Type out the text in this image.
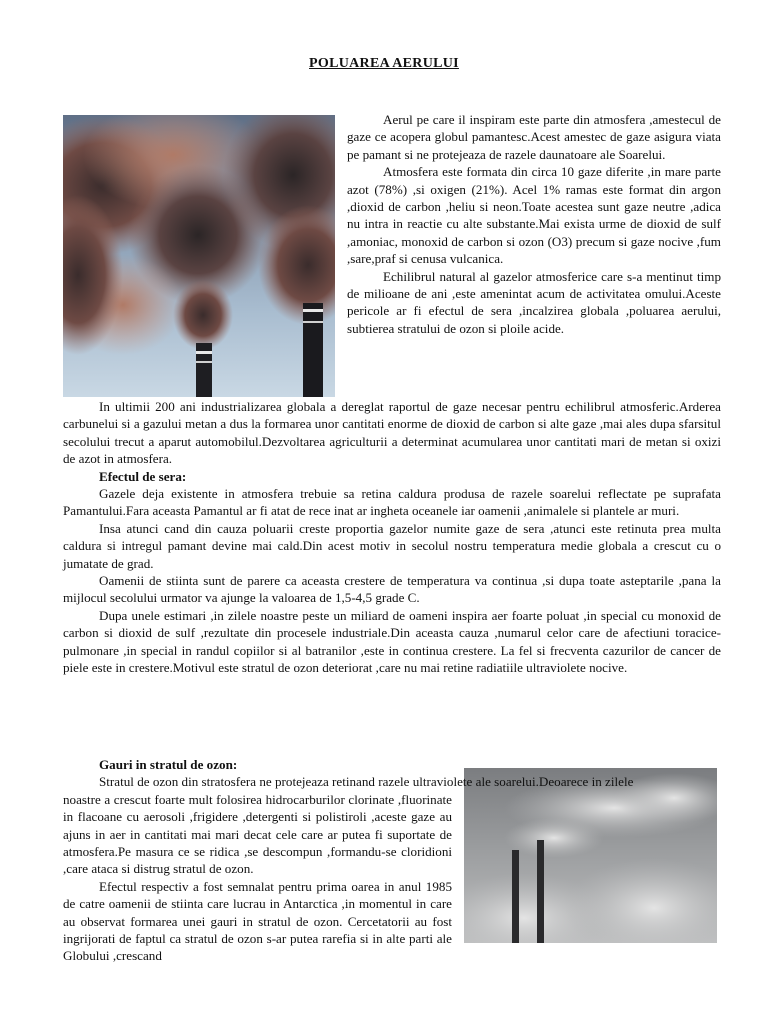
POLUAREA AERULUI

Aerul pe care il inspiram este parte din atmosfera ,amestecul de gaze ce acopera globul pamantesc.Acest amestec de gaze asigura viata pe pamant si ne protejeaza de razele daunatoare ale Soarelui.

Atmosfera este formata din circa 10 gaze diferite ,in mare parte azot (78%) ,si oxigen (21%). Acel 1% ramas este format din argon ,dioxid de carbon ,heliu si neon.Toate acestea sunt gaze neutre ,adica nu intra in reactie cu alte substante.Mai exista urme de dioxid de sulf ,amoniac, monoxid de carbon si ozon (O3) precum si gaze nocive ,fum ,sare,praf si cenusa vulcanica.

Echilibrul natural al gazelor atmosferice care s-a mentinut timp de milioane de ani ,este amenintat acum de activitatea omului.Aceste pericole ar fi efectul de sera ,incalzirea globala ,poluarea aerului, subtierea stratului de ozon si ploile acide.

In ultimii 200 ani industrializarea globala a dereglat raportul de gaze necesar pentru echilibrul atmosferic.Arderea carbunelui si a gazului metan a dus la formarea unor cantitati enorme de dioxid de carbon si alte gaze ,mai ales dupa sfarsitul secolului trecut a aparut automobilul.Dezvoltarea agriculturii a determinat acumularea unor cantitati mari de metan si oxizi de azot in atmosfera.

Efectul de sera:

Gazele deja existente in atmosfera trebuie sa retina caldura produsa de razele soarelui reflectate pe suprafata Pamantului.Fara aceasta Pamantul ar fi atat de rece inat ar ingheta oceanele iar oamenii ,animalele si plantele ar muri.

Insa atunci cand din cauza poluarii creste proportia gazelor numite gaze de sera ,atunci este retinuta prea multa caldura si intregul pamant devine mai cald.Din acest motiv in secolul nostru temperatura medie globala a crescut cu o jumatate de grad.

Oamenii de stiinta sunt de parere ca aceasta crestere de temperatura va continua ,si dupa toate asteptarile ,pana la mijlocul secolului urmator va ajunge la valoarea de 1,5-4,5 grade C.

Dupa unele estimari ,in zilele noastre peste un miliard de oameni inspira aer foarte poluat ,in special cu monoxid de carbon si dioxid de sulf ,rezultate din procesele industriale.Din aceasta cauza ,numarul celor care de afectiuni toracice-pulmonare ,in special in randul copiilor si al batranilor ,este in continua crestere. La fel si frecventa cazurilor de cancer de piele este in crestere.Motivul este stratul de ozon deteriorat ,care nu mai retine radiatiile ultraviolete nocive.

Gauri in stratul de ozon:

Stratul de ozon din stratosfera ne protejeaza retinand razele ultraviolete ale soarelui.Deoarece in zilele

noastre a crescut foarte mult folosirea hidrocarburilor clorinate ,fluorinate in flacoane cu aerosoli ,frigidere ,detergenti si polistiroli ,aceste gaze au ajuns in aer in cantitati mai mari decat cele care ar putea fi suportate de atmosfera.Pe masura ce se ridica ,se descompun ,formandu-se cloridioni ,care ataca si distrug stratul de ozon.

Efectul respectiv a fost semnalat pentru prima oarea in anul 1985 de catre oamenii de stiinta care lucrau in Antarctica ,in momentul in care au observat formarea unei gauri in stratul de ozon. Cercetatorii au fost ingrijorati de faptul ca stratul de ozon s-ar putea rarefia si in alte parti ale Globului ,crescand
